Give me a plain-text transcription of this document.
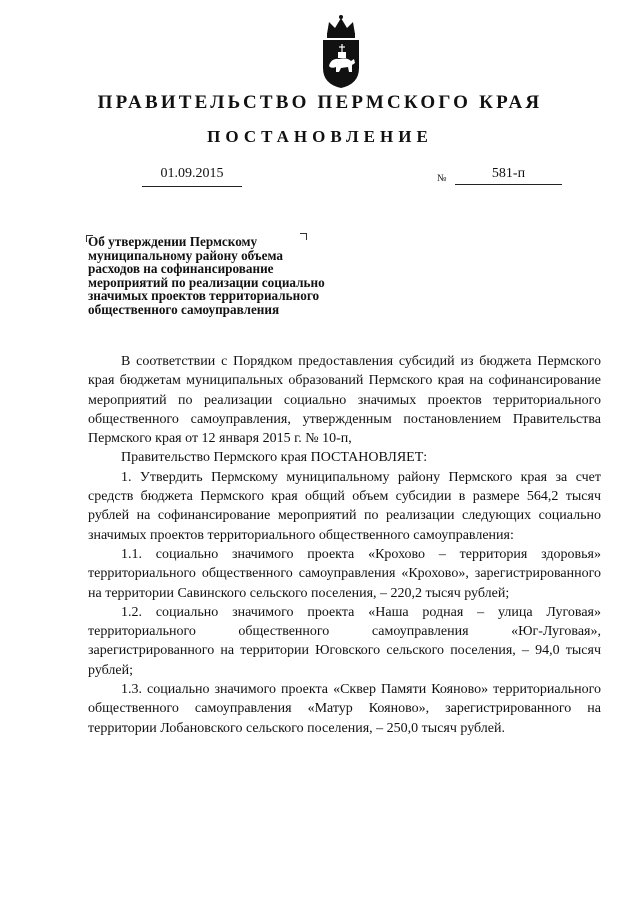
ПРАВИТЕЛЬСТВО ПЕРМСКОГО КРАЯ
ПОСТАНОВЛЕНИЕ
01.09.2015	№	581-п

Об утверждении Пермскому муниципальному району объема расходов на софинансирование мероприятий по реализации социально значимых проектов территориального общественного самоуправления

В соответствии с Порядком предоставления субсидий из бюджета Пермского края бюджетам муниципальных образований Пермского края на софинансирование мероприятий по реализации социально значимых проектов территориального общественного самоуправления, утвержденным постановлением Правительства Пермского края от 12 января 2015 г. № 10-п,

Правительство Пермского края ПОСТАНОВЛЯЕТ:

1. Утвердить Пермскому муниципальному району Пермского края за счет средств бюджета Пермского края общий объем субсидии в размере 564,2 тысяч рублей на софинансирование мероприятий по реализации следующих социально значимых проектов территориального общественного самоуправления:

1.1. социально значимого проекта «Крохово – территория здоровья» территориального общественного самоуправления «Крохово», зарегистрированного на территории Савинского сельского поселения, – 220,2 тысяч рублей;

1.2. социально значимого проекта «Наша родная – улица Луговая» территориального общественного самоуправления «Юг-Луговая», зарегистрированного на территории Юговского сельского поселения, – 94,0 тысяч рублей;

1.3. социально значимого проекта «Сквер Памяти Кояново» территориального общественного самоуправления «Матур Кояново», зарегистрированного на территории Лобановского сельского поселения, – 250,0 тысяч рублей.
